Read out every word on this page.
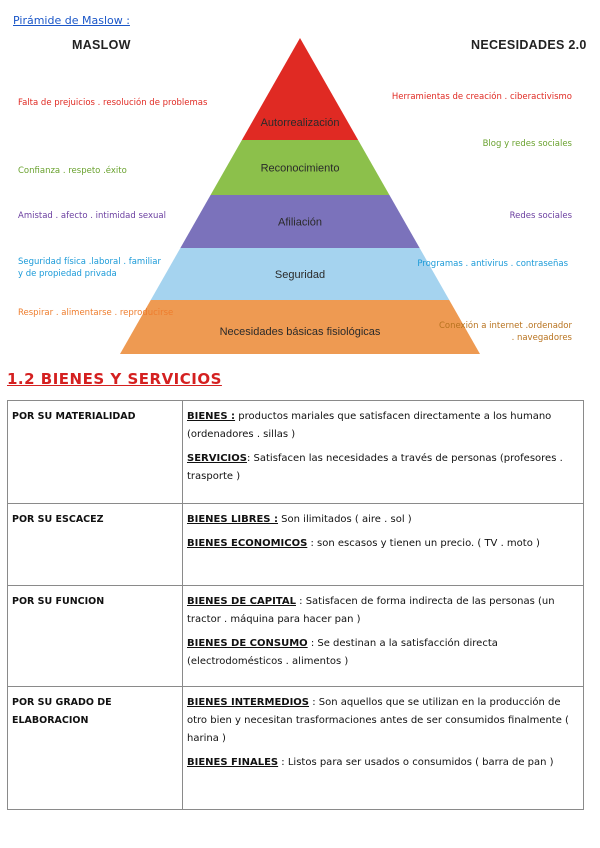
Pirámide de Maslow :
MASLOW	NECESIDADES 2.0
Autorrealización
Reconocimiento
Afiliación
Seguridad
Necesidades básicas fisiológicas
Falta de prejuicios . resolución de problemas
Herramientas de creación . ciberactivismo
Confianza . respeto .éxito
Blog y redes sociales
Amistad . afecto . intimidad sexual	Redes sociales
Seguridad física .laboral . familiar
y de propiedad privada
Programas . antivirus . contraseñas
Respirar . alimentarse . reproducirse
Conexión a internet .ordenador
. navegadores
1.2 BIENES Y SERVICIOS
POR SU MATERIALIDAD	BIENES : productos mariales que satisfacen directamente a los humano (ordenadores . sillas )
SERVICIOS: Satisfacen las necesidades a través de personas (profesores . trasporte )

POR SU ESCACEZ	BIENES LIBRES : Son ilimitados ( aire . sol )
BIENES ECONOMICOS : son escasos y tienen un precio. ( TV . moto )

POR SU FUNCION	BIENES DE CAPITAL : Satisfacen de forma indirecta de las personas (un tractor . máquina para hacer pan )
BIENES DE CONSUMO : Se destinan a la satisfacción directa (electrodomésticos . alimentos )

POR SU GRADO DE ELABORACION	BIENES INTERMEDIOS : Son aquellos que se utilizan en la producción de otro bien y necesitan trasformaciones antes de ser consumidos finalmente ( harina )
BIENES FINALES : Listos para ser usados o consumidos ( barra de pan )
